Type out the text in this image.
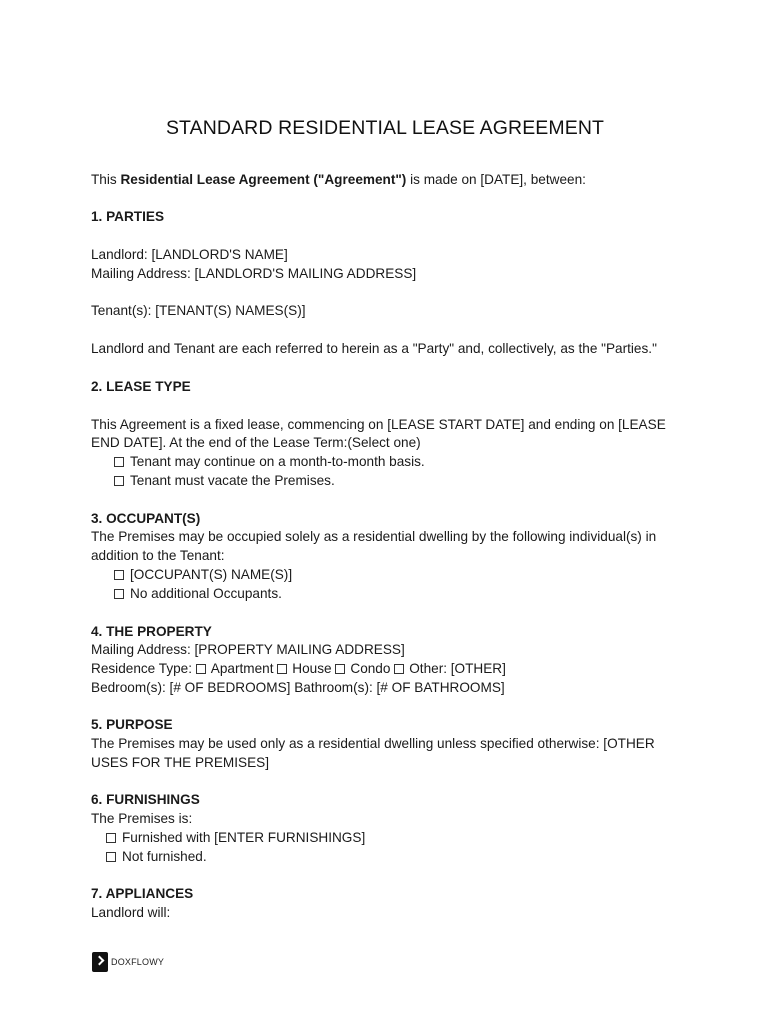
STANDARD RESIDENTIAL LEASE AGREEMENT
This Residential Lease Agreement ("Agreement") is made on [DATE], between:
1. PARTIES
Landlord: [LANDLORD'S NAME]
Mailing Address: [LANDLORD'S MAILING ADDRESS]
Tenant(s): [TENANT(S) NAMES(S)]
Landlord and Tenant are each referred to herein as a "Party" and, collectively, as the "Parties."
2. LEASE TYPE
This Agreement is a fixed lease, commencing on [LEASE START DATE] and ending on [LEASE
END DATE]. At the end of the Lease Term:(Select one)
Tenant may continue on a month-to-month basis.
Tenant must vacate the Premises.
3. OCCUPANT(S)
The Premises may be occupied solely as a residential dwelling by the following individual(s) in
addition to the Tenant:
[OCCUPANT(S) NAME(S)]
No additional Occupants.
4. THE PROPERTY
Mailing Address: [PROPERTY MAILING ADDRESS]
Residence Type: Apartment House Condo Other: [OTHER]
Bedroom(s): [# OF BEDROOMS] Bathroom(s): [# OF BATHROOMS]
5. PURPOSE
The Premises may be used only as a residential dwelling unless specified otherwise: [OTHER
USES FOR THE PREMISES]
6. FURNISHINGS
The Premises is:
Furnished with [ENTER FURNISHINGS]
Not furnished.
7. APPLIANCES
Landlord will:
DOXFLOWY
